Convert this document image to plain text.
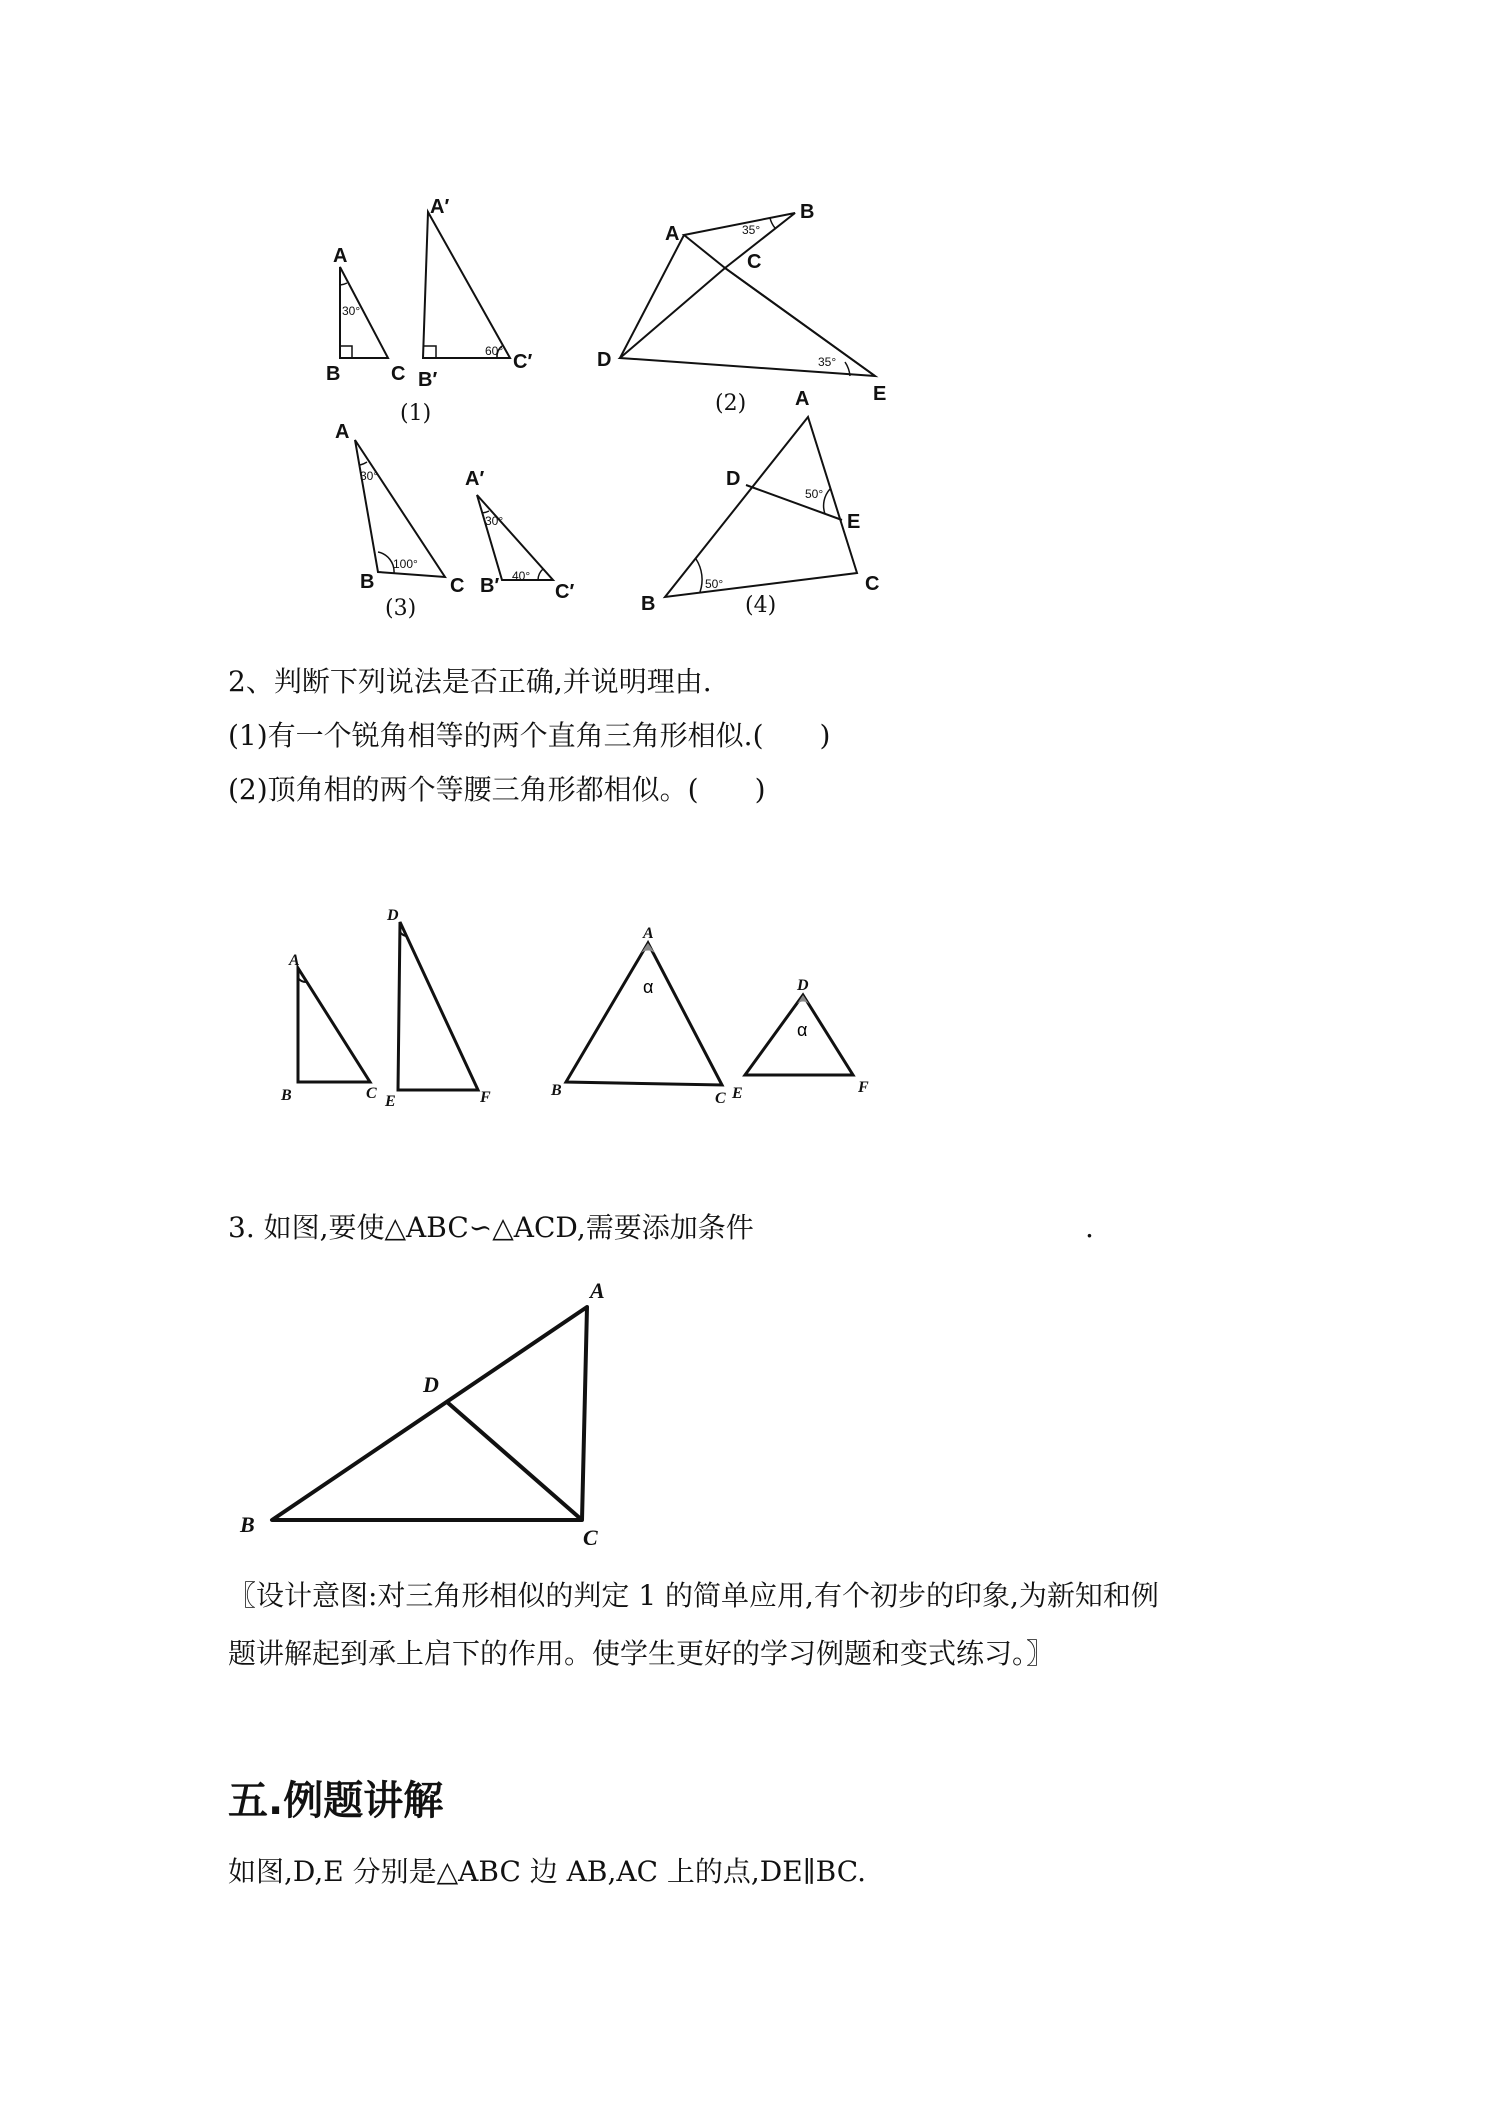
A
B	C
30°
A′
B′
C′
60°
(1)
A
B
C
D
E
35°
35°
(2)
A
B	C
30°
100°
A′
B′	C′
30°
40°
(3)
A
D
E
B
C
50°
50°
(4)
2、判断下列说法是否正确,并说明理由.
(1)有一个锐角相等的两个直角三角形相似.(　　)
(2)顶角相的两个等腰三角形都相似。(　　)
A
B	C
D
E	F
A
B	C
α	D
E	F
α
3. 如图,要使△ABC∽△ACD,需要添加条件	.
A
D
B
C
〖设计意图:对三角形相似的判定 1 的简单应用,有个初步的印象,为新知和例
题讲解起到承上启下的作用。使学生更好的学习例题和变式练习。〗
五.例题讲解
如图,D,E 分别是△ABC 边 AB,AC 上的点,DE∥BC.
